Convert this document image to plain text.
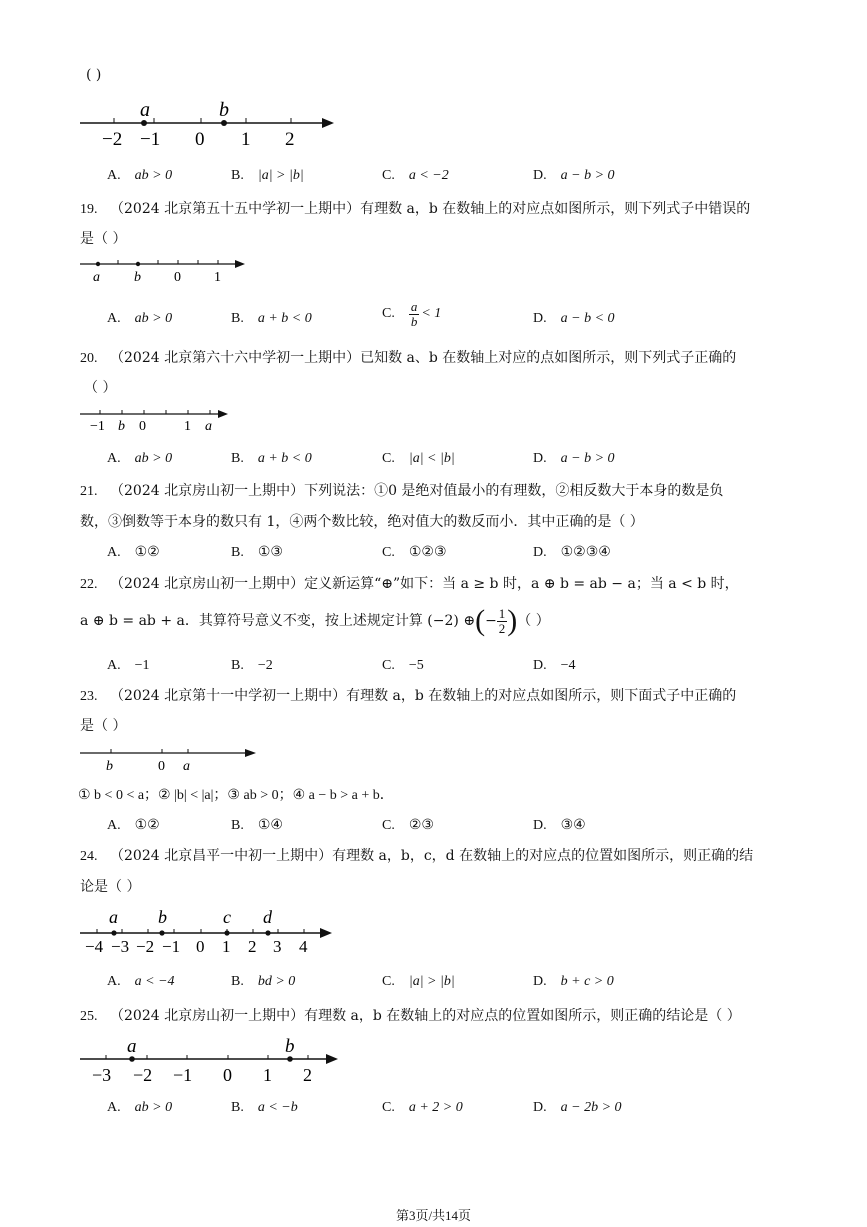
( )
a	b
−2 −1 0 1 2
A. ab > 0	B. |a| > |b|	C. a < −2	D. a − b > 0
19. （2024 北京第五十五中学初一上期中）有理数 a，b 在数轴上的对应点如图所示，则下列式子中错误的
是（ ）
a b 0 1
A. ab > 0	B. a + b < 0	C. $\frac{a}{b} < 1$	D. a − b < 0
20. （2024 北京第六十六中学初一上期中）已知数 a、b 在数轴上对应的点如图所示，则下列式子正确的
（ ）
−1 b 0	1 a
A. ab > 0	B. a + b < 0	C. |a| < |b|	D. a − b > 0
21. （2024 北京房山初一上期中）下列说法：①0 是绝对值最小的有理数，②相反数大于本身的数是负
数，③倒数等于本身的数只有 1，④两个数比较，绝对值大的数反而小．其中正确的是（ ）
A. ①②	B. ①③	C. ①②③	D. ①②③④
22. （2024 北京房山初一上期中）定义新运算“⊕”如下：当 a ≥ b 时，a ⊕ b = ab − a；当 a < b 时，
a ⊕ b = ab + a．其算符号意义不变，按上述规定计算 (−2) ⊕(− $\frac{1}{2}$ )（ ）
A. −1	B. −2	C. −5	D. −4
23. （2024 北京第十一中学初一上期中）有理数 a，b 在数轴上的对应点如图所示，则下面式子中正确的
是（ ）
b	0 a
① b < 0 < a；② |b| < |a|；③ ab > 0；④ a − b > a + b．
A. ①②	B. ①④	C. ②③	D. ③④
24. （2024 北京昌平一中初一上期中）有理数 a，b，c，d 在数轴上的对应点的位置如图所示，则正确的结
论是（ ）
a b	c d
−4 −3 −2 −1 0 1 2 3 4
A. a < −4	B. bd > 0	C. |a| > |b|	D. b + c > 0
25. （2024 北京房山初一上期中）有理数 a，b 在数轴上的对应点的位置如图所示，则正确的结论是（ ）
a	b
−3 −2 −1 0 1 2
A. ab > 0	B. a < −b	C. a + 2 > 0	D. a − 2b > 0
第3页/共14页
